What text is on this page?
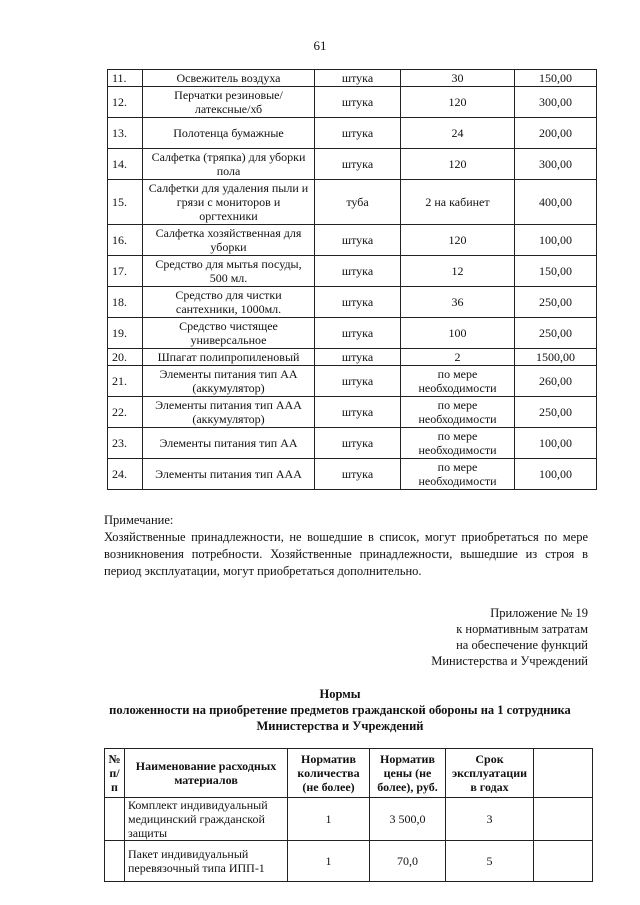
61
11.	Освежитель воздуха	штука	30	150,00
12.	Перчатки резиновые/латексные/хб	штука	120	300,00
13.	Полотенца бумажные	штука	24	200,00
14.	Салфетка (тряпка) для уборки пола	штука	120	300,00
15.	Салфетки для удаления пыли и грязи с мониторов и оргтехники	туба	2 на кабинет	400,00
16.	Салфетка хозяйственная для уборки	штука	120	100,00
17.	Средство для мытья посуды, 500 мл.	штука	12	150,00
18.	Средство для чистки сантехники, 1000мл.	штука	36	250,00
19.	Средство чистящее универсальное	штука	100	250,00
20.	Шпагат полипропиленовый	штука	2	1500,00
21.	Элементы питания тип АА (аккумулятор)	штука	по мере необходимости	260,00
22.	Элементы питания тип ААА (аккумулятор)	штука	по мере необходимости	250,00
23.	Элементы питания тип АА	штука	по мере необходимости	100,00
24.	Элементы питания тип ААА	штука	по мере необходимости	100,00
Примечание:
Хозяйственные принадлежности, не вошедшие в список, могут приобретаться по мере возникновения потребности. Хозяйственные принадлежности, вышедшие из строя в период эксплуатации, могут приобретаться дополнительно.
Приложение № 19
к нормативным затратам
на обеспечение функций
Министерства и Учреждений
Нормы
положенности на приобретение предметов гражданской обороны на 1 сотрудника
Министерства и Учреждений
№ п/п	Наименование расходных материалов	Норматив количества (не более)	Норматив цены (не более), руб.	Срок эксплуатации в годах	
	Комплект индивидуальный медицинский гражданской защиты	1	3 500,0	3	
	Пакет индивидуальный перевязочный типа ИПП-1	1	70,0	5	
